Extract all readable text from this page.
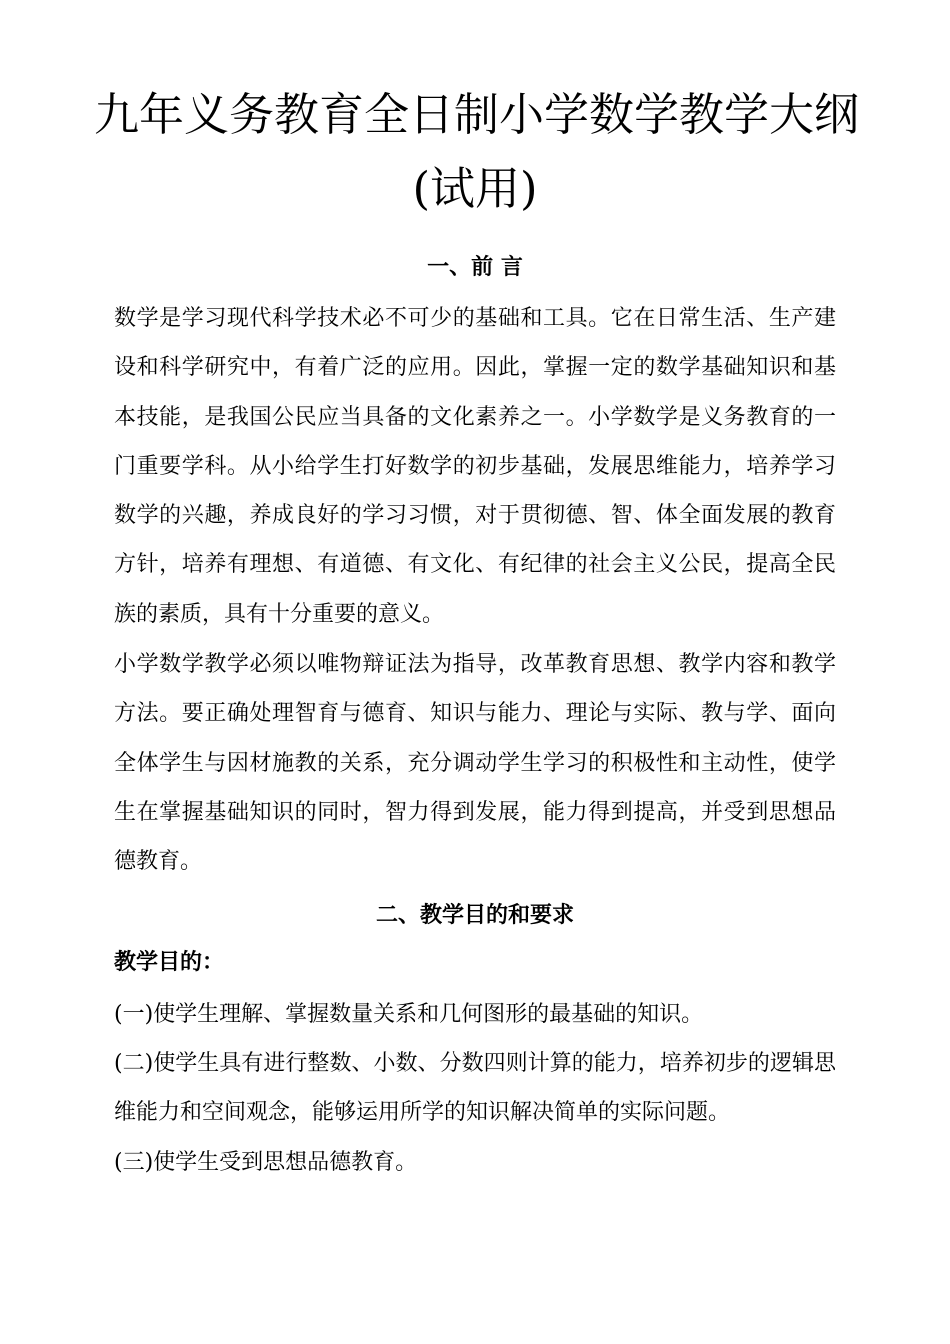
九年义务教育全日制小学数学教学大纲
(试用)
一、前 言

数学是学习现代科学技术必不可少的基础和工具。它在日常生活、生产建设和科学研究中，有着广泛的应用。因此，掌握一定的数学基础知识和基本技能，是我国公民应当具备的文化素养之一。小学数学是义务教育的一门重要学科。从小给学生打好数学的初步基础，发展思维能力，培养学习数学的兴趣，养成良好的学习习惯，对于贯彻德、智、体全面发展的教育方针，培养有理想、有道德、有文化、有纪律的社会主义公民，提高全民族的素质，具有十分重要的意义。

小学数学教学必须以唯物辩证法为指导，改革教育思想、教学内容和教学方法。要正确处理智育与德育、知识与能力、理论与实际、教与学、面向全体学生与因材施教的关系，充分调动学生学习的积极性和主动性，使学生在掌握基础知识的同时，智力得到发展，能力得到提高，并受到思想品德教育。

二、教学目的和要求

教学目的：

(一)使学生理解、掌握数量关系和几何图形的最基础的知识。

(二)使学生具有进行整数、小数、分数四则计算的能力，培养初步的逻辑思维能力和空间观念，能够运用所学的知识解决简单的实际问题。

(三)使学生受到思想品德教育。
